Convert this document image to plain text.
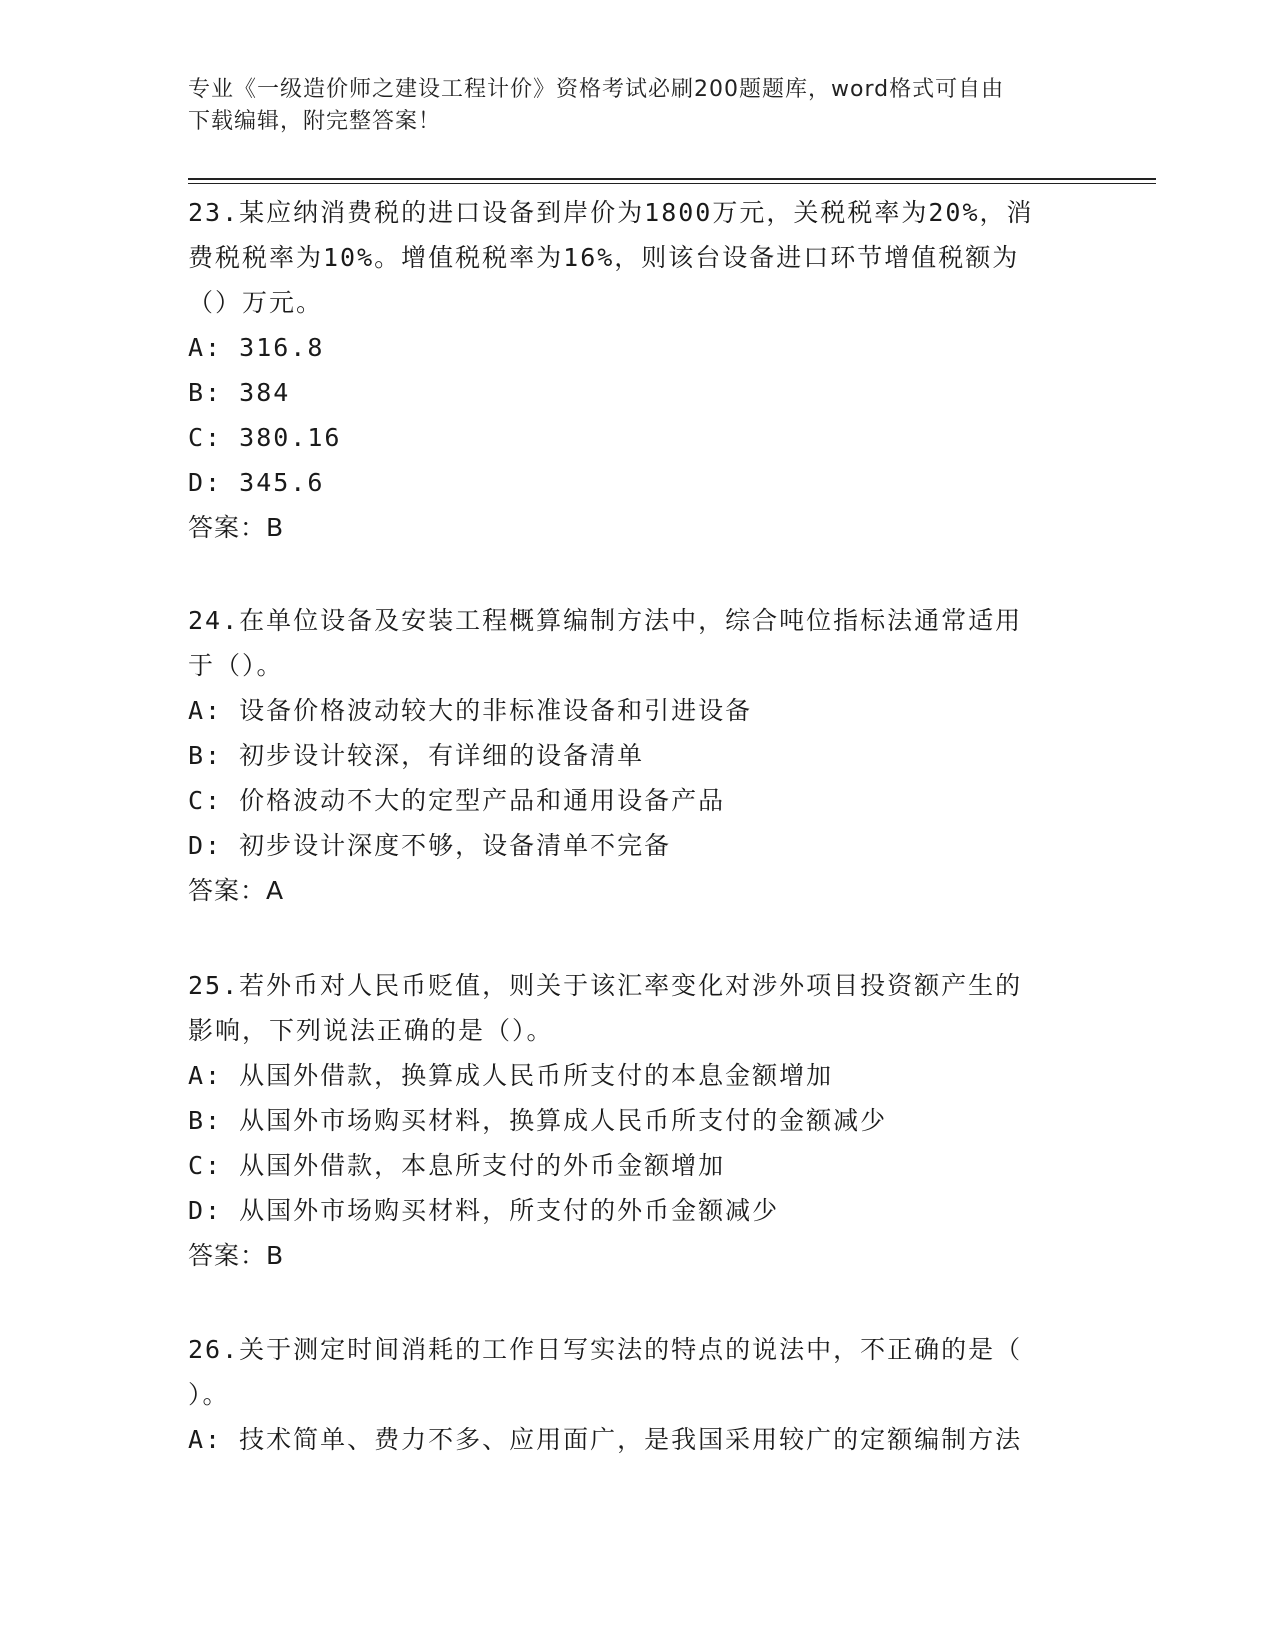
专业《一级造价师之建设工程计价》资格考试必刷200题题库，word格式可自由
下载编辑，附完整答案！

23.某应纳消费税的进口设备到岸价为1800万元，关税税率为20%，消

费税税率为10%。增值税税率为16%，则该台设备进口环节增值税额为

（）万元。

A: 316.8

B: 384

C: 380.16

D: 345.6

答案：B

24.在单位设备及安装工程概算编制方法中，综合吨位指标法通常适用

于（）。

A: 设备价格波动较大的非标准设备和引进设备

B: 初步设计较深，有详细的设备清单

C: 价格波动不大的定型产品和通用设备产品

D: 初步设计深度不够，设备清单不完备

答案：A

25.若外币对人民币贬值，则关于该汇率变化对涉外项目投资额产生的

影响，下列说法正确的是（）。

A: 从国外借款，换算成人民币所支付的本息金额增加

B: 从国外市场购买材料，换算成人民币所支付的金额减少

C: 从国外借款，本息所支付的外币金额增加

D: 从国外市场购买材料，所支付的外币金额减少

答案：B

26.关于测定时间消耗的工作日写实法的特点的说法中，不正确的是（

）。

A: 技术简单、费力不多、应用面广，是我国采用较广的定额编制方法
